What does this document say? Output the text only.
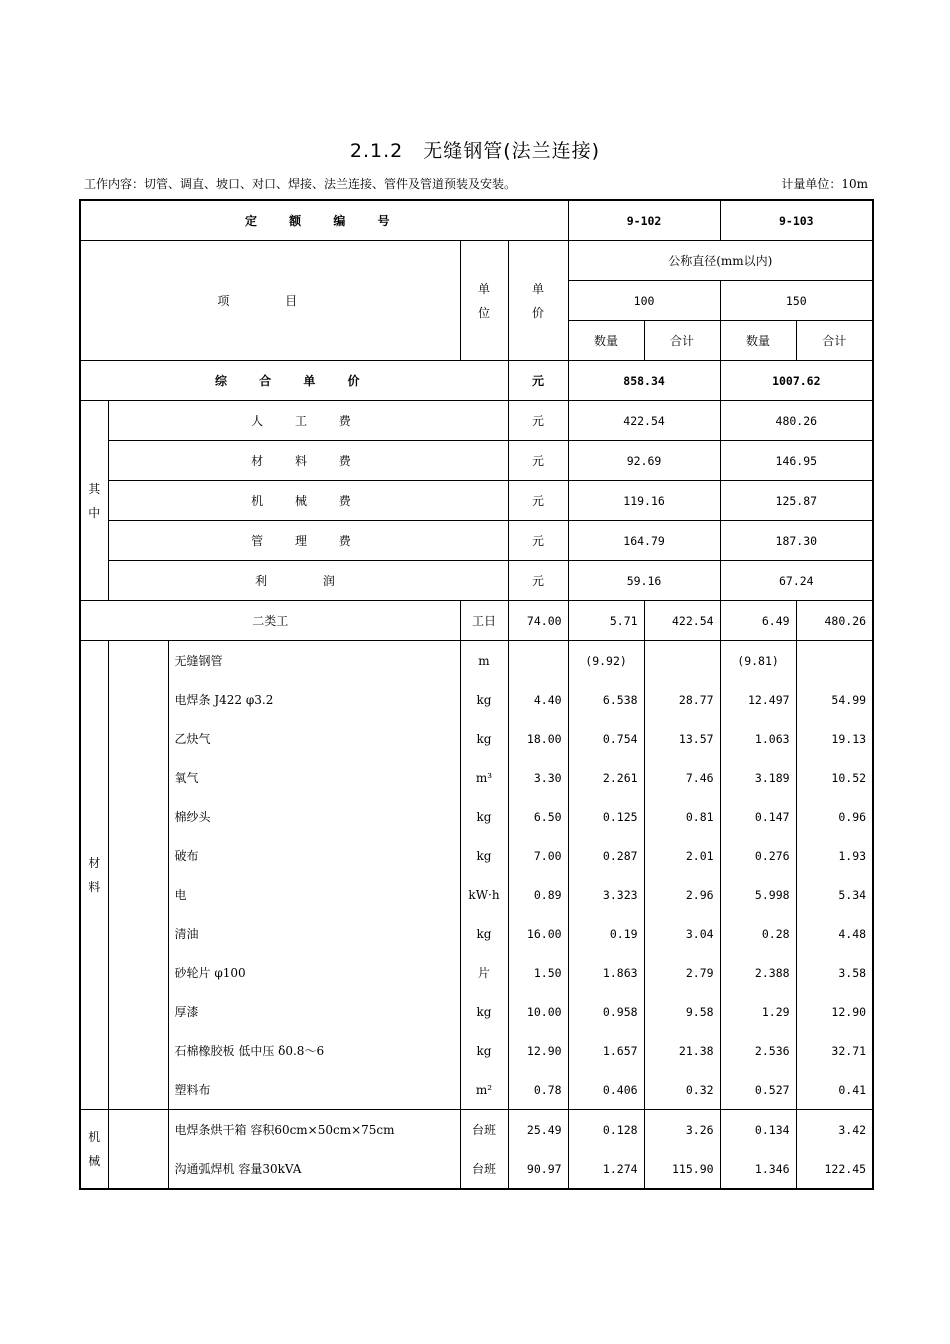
2.1.2　无缝钢管(法兰连接)
工作内容：切管、调直、坡口、对口、焊接、法兰连接、管件及管道预装及安装。	计量单位：10m
定 额 编 号					9-102		9-103	
项 目			单位	单价	公称直径(mm以内)			
					100		150	
					数量	合计	数量	合计
综 合 单 价				元	858.34		1007.62	
其中	人 工 费			元	422.54		480.26	
	材 料 费			元	92.69		146.95	
	机 械 费			元	119.16		125.87	
	管 理 费			元	164.79		187.30	
	利 润			元	59.16		67.24	
二类工			工日	74.00	5.71	422.54	6.49	480.26
材料		无缝钢管	m		(9.92)		(9.81)	
		电焊条 J422 φ3.2	kg	4.40	6.538	28.77	12.497	54.99
		乙炔气	kg	18.00	0.754	13.57	1.063	19.13
		氧气	m³	3.30	2.261	7.46	3.189	10.52
		棉纱头	kg	6.50	0.125	0.81	0.147	0.96
		破布	kg	7.00	0.287	2.01	0.276	1.93
		电	kW·h	0.89	3.323	2.96	5.998	5.34
		清油	kg	16.00	0.19	3.04	0.28	4.48
		砂轮片 φ100	片	1.50	1.863	2.79	2.388	3.58
		厚漆	kg	10.00	0.958	9.58	1.29	12.90
		石棉橡胶板 低中压 δ0.8～6	kg	12.90	1.657	21.38	2.536	32.71
		塑料布	m²	0.78	0.406	0.32	0.527	0.41
机械		电焊条烘干箱 容积60cm×50cm×75cm	台班	25.49	0.128	3.26	0.134	3.42
		沟通弧焊机 容量30kVA	台班	90.97	1.274	115.90	1.346	122.45
